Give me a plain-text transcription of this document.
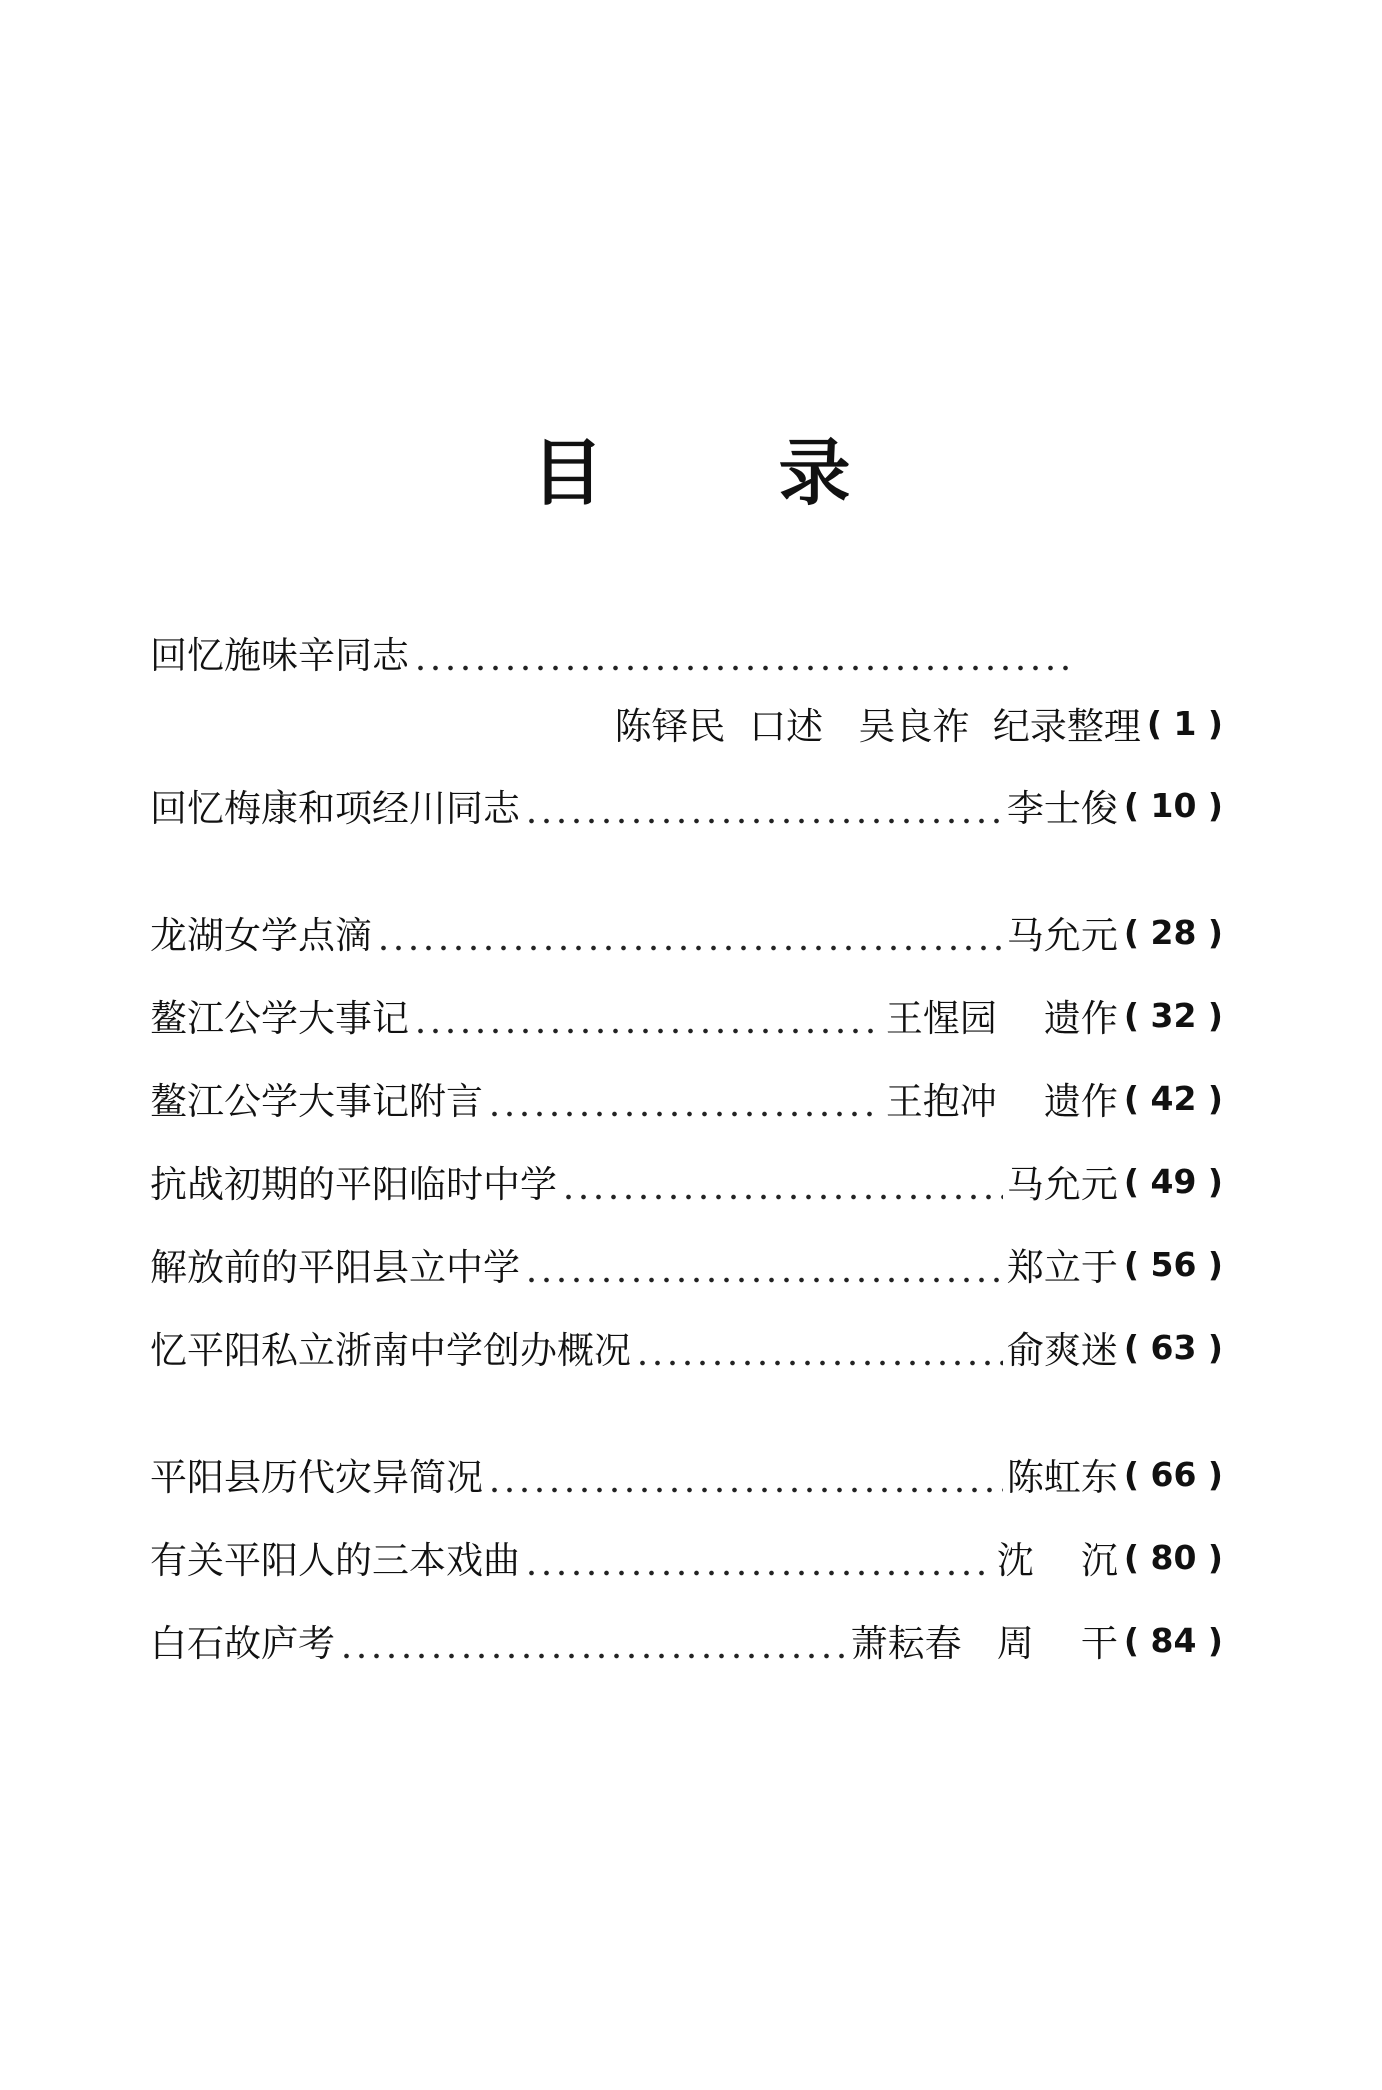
目 录
回忆施味辛同志
陈铎民  口述   吴良祚  纪录整理 ( 1 )
回忆梅康和项经川同志	李士俊 ( 10 )
龙湖女学点滴	马允元 ( 28 )
鳌江公学大事记	王惺园    遗作 ( 32 )
鳌江公学大事记附言	王抱冲    遗作 ( 42 )
抗战初期的平阳临时中学	马允元 ( 49 )
解放前的平阳县立中学	郑立于 ( 56 )
忆平阳私立浙南中学创办概况	俞爽迷 ( 63 )
平阳县历代灾异简况	陈虹东 ( 66 )
有关平阳人的三本戏曲	沈    沉 ( 80 )
白石故庐考	萧耘春   周    干 ( 84 )
